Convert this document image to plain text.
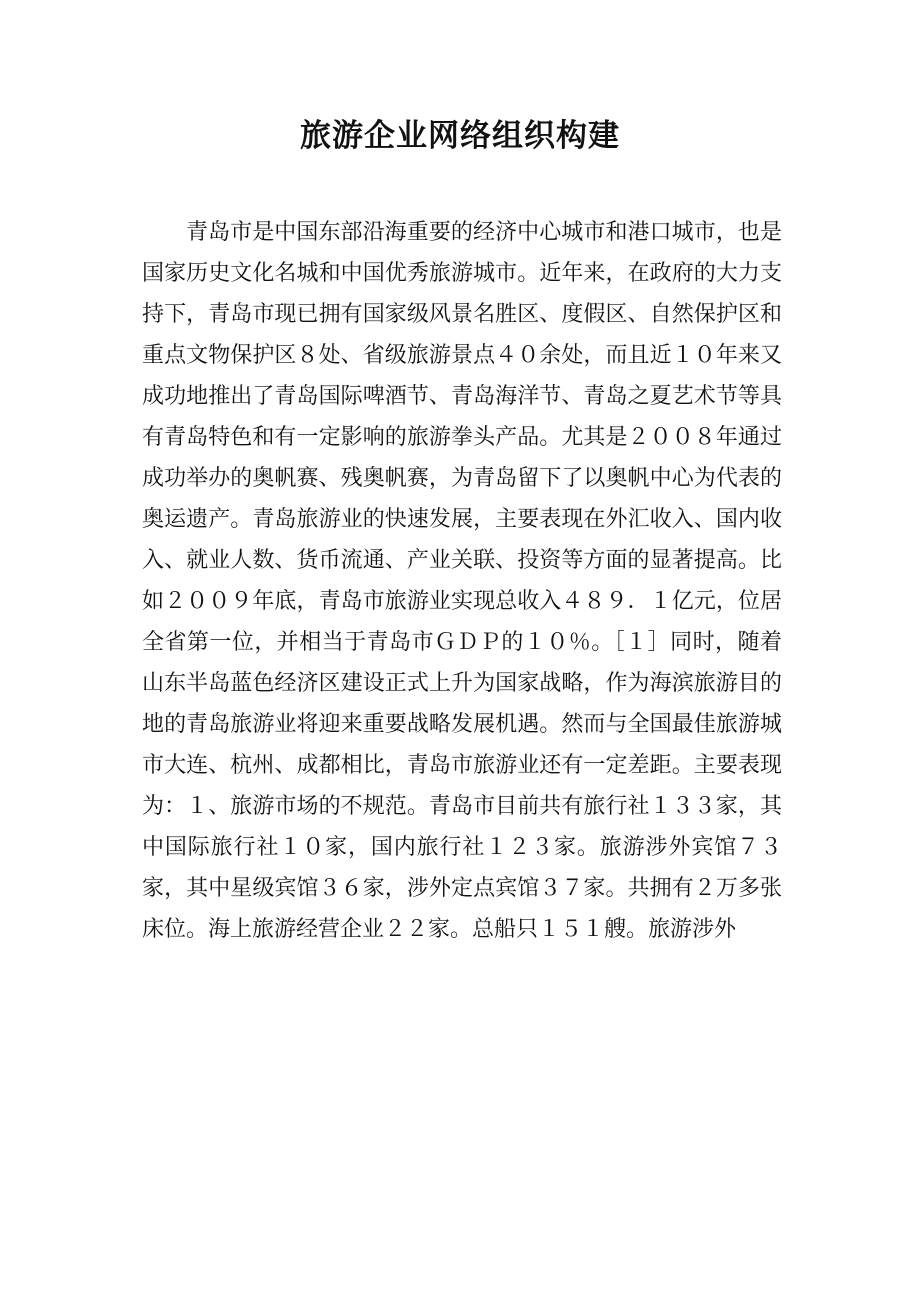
旅游企业网络组织构建

青岛市是中国东部沿海重要的经济中心城市和港口城市，也是国家历史文化名城和中国优秀旅游城市。近年来，在政府的大力支持下，青岛市现已拥有国家级风景名胜区、度假区、自然保护区和重点文物保护区８处、省级旅游景点４０余处，而且近１０年来又成功地推出了青岛国际啤酒节、青岛海洋节、青岛之夏艺术节等具有青岛特色和有一定影响的旅游拳头产品。尤其是２００８年通过成功举办的奥帆赛、残奥帆赛，为青岛留下了以奥帆中心为代表的奥运遗产。青岛旅游业的快速发展，主要表现在外汇收入、国内收入、就业人数、货币流通、产业关联、投资等方面的显著提高。比如２００９年底，青岛市旅游业实现总收入４８９．１亿元，位居全省第一位，并相当于青岛市ＧＤＰ的１０％。［１］同时，随着山东半岛蓝色经济区建设正式上升为国家战略，作为海滨旅游目的地的青岛旅游业将迎来重要战略发展机遇。然而与全国最佳旅游城市大连、杭州、成都相比，青岛市旅游业还有一定差距。主要表现为：１、旅游市场的不规范。青岛市目前共有旅行社１３３家，其中国际旅行社１０家，国内旅行社１２３家。旅游涉外宾馆７３家，其中星级宾馆３６家，涉外定点宾馆３７家。共拥有２万多张床位。海上旅游经营企业２２家。总船只１５１艘。旅游涉外
